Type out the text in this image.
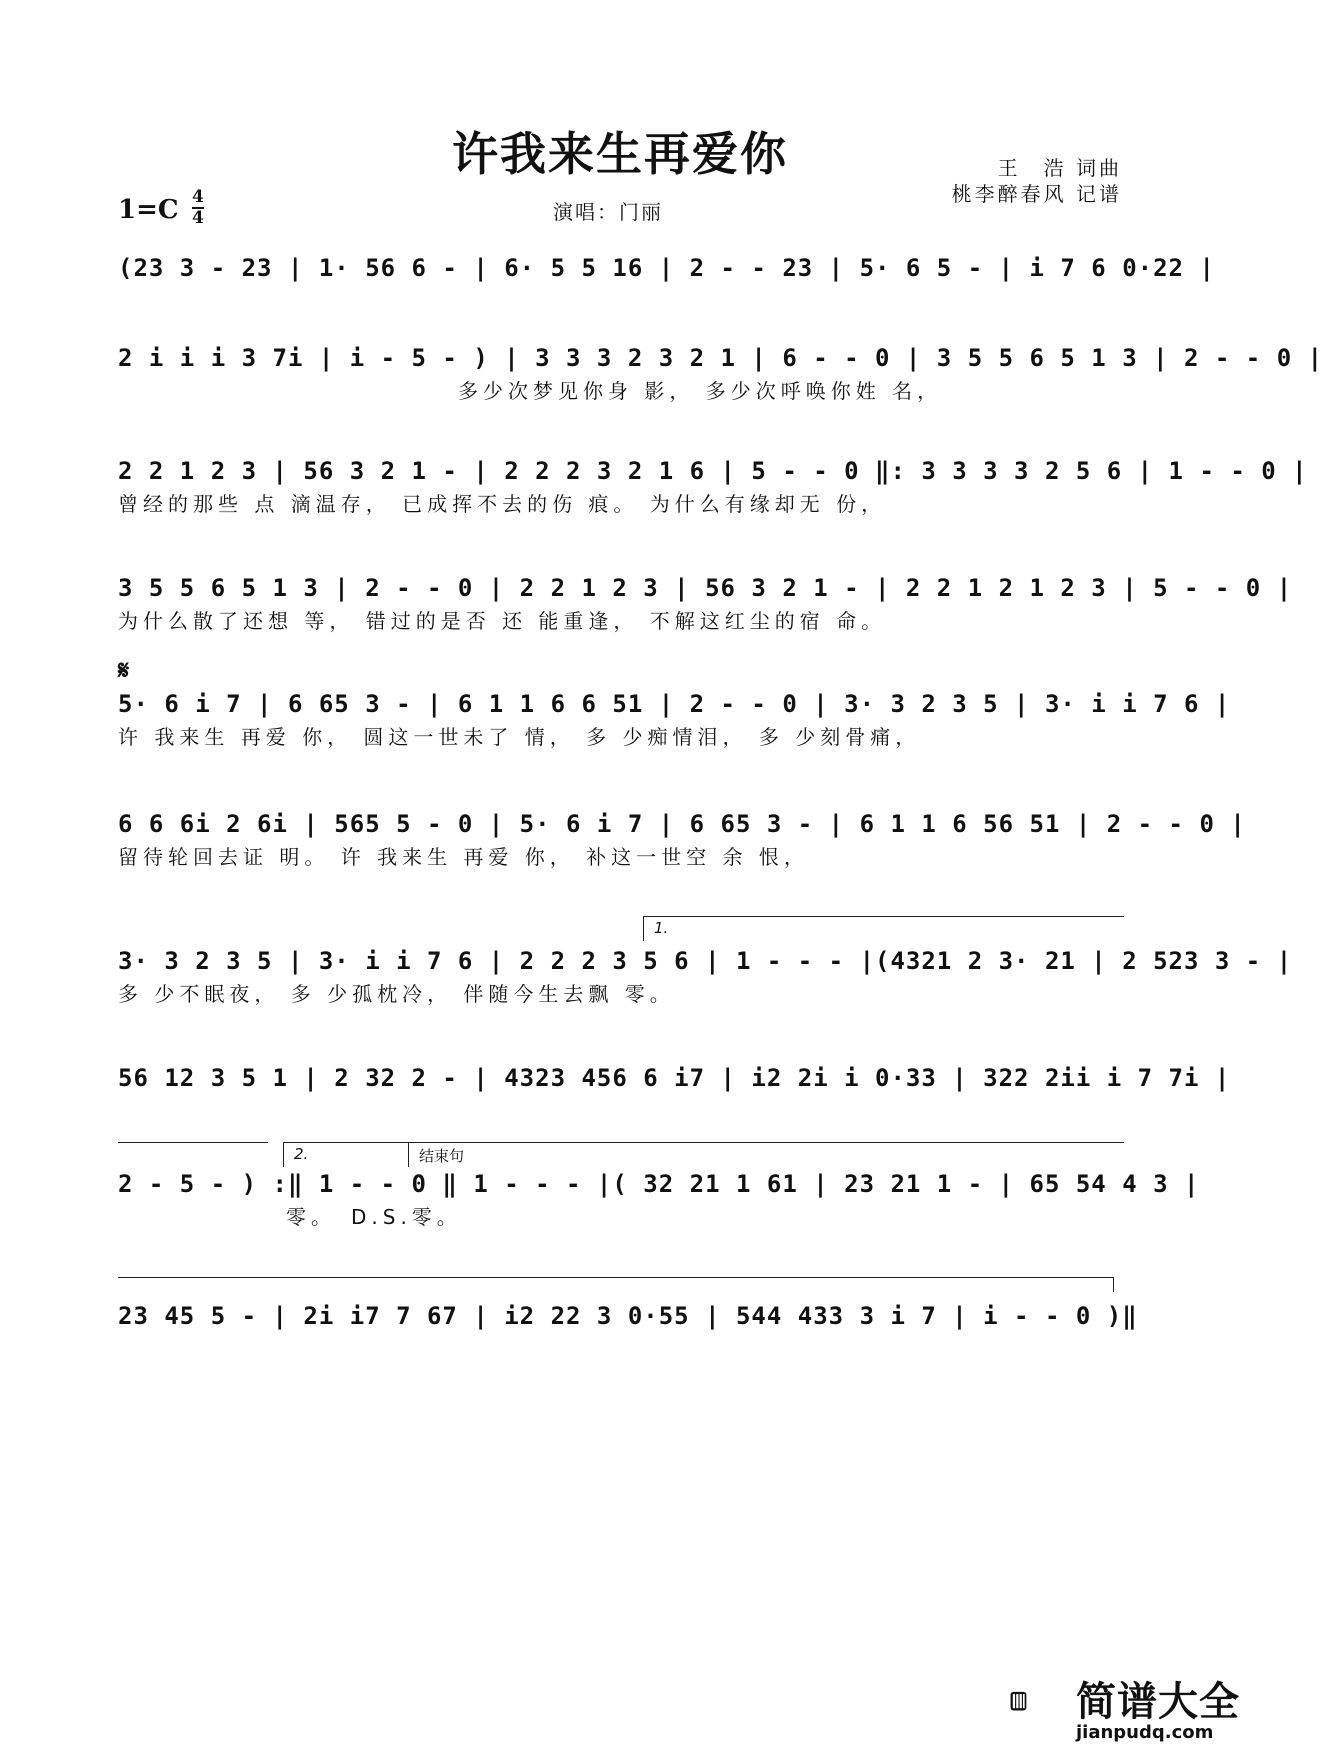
许我来生再爱你	王　浩 词曲
桃李醉春风 记谱
1=C 4
4	演唱：门丽
(23 3 - 23 | 1· 56 6 - | 6· 5 5 16 | 2 - - 23 | 5· 6 5 - | i 7 6 0·22 |
2 i i i 3 7i | i - 5 - ) | 3 3 3 2 3 2 1 | 6 - - 0 | 3 5 5 6 5 1 3 | 2 - - 0 |
多少次梦见你身 影， 多少次呼唤你姓 名，
2 2 1 2 3 | 56 3 2 1 - | 2 2 2 3 2 1 6 | 5 - - 0 ‖: 3 3 3 3 2 5 6 | 1 - - 0 |
曾经的那些 点 滴温存， 已成挥不去的伤 痕。 为什么有缘却无 份，
3 5 5 6 5 1 3 | 2 - - 0 | 2 2 1 2 3 | 56 3 2 1 - | 2 2 1 2 1 2 3 | 5 - - 0 |
为什么散了还想 等， 错过的是否 还 能重逢， 不解这红尘的宿 命。
𝄋
5· 6 i 7 | 6 65 3 - | 6 1 1 6 6 51 | 2 - - 0 | 3· 3 2 3 5 | 3· i i 7 6 |
许 我来生 再爱 你， 圆这一世未了 情， 多 少痴情泪， 多 少刻骨痛，
6 6 6i 2 6i | 565 5 - 0 | 5· 6 i 7 | 6 65 3 - | 6 1 1 6 56 51 | 2 - - 0 |
留待轮回去证 明。 许 我来生 再爱 你， 补这一世空 余 恨，
1.
3· 3 2 3 5 | 3· i i 7 6 | 2 2 2 3 5 6 | 1 - - - |(4321 2 3· 21 | 2 523 3 - |
多 少不眠夜， 多 少孤枕冷， 伴随今生去飘 零。
56 12 3 5 1 | 2 32 2 - | 4323 456 6 i7 | i2 2i i 0·33 | 322 2ii i 7 7i |
2.	结束句
2 - 5 - ) :‖ 1 - - 0 ‖ 1 - - - |( 32 21 1 61 | 23 21 1 - | 65 54 4 3 |
零。　D.S.零。
23 45 5 - | 2i i7 7 67 | i2 22 3 0·55 | 544 433 3 i 7 | i - - 0 )‖
简谱大全
jianpudq.com
